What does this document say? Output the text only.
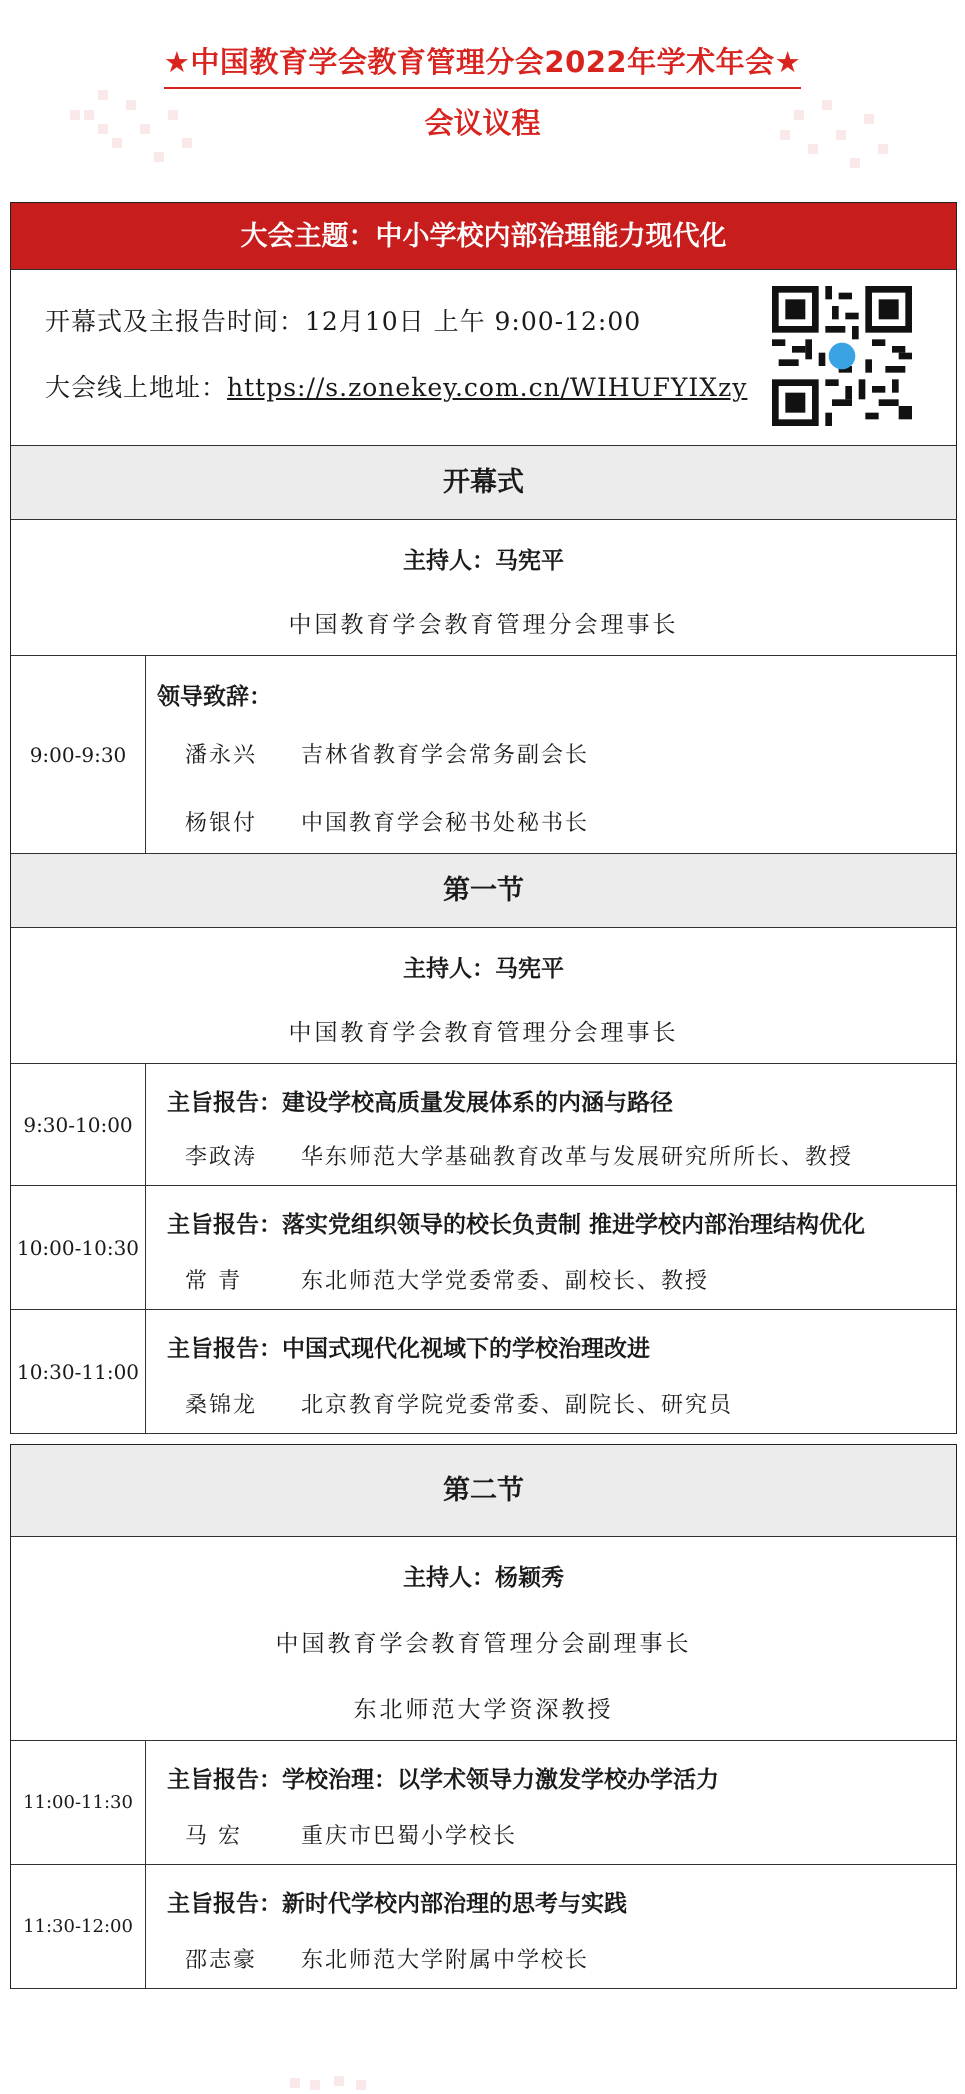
★中国教育学会教育管理分会2022年学术年会★
会议议程
大会主题：中小学校内部治理能力现代化
开幕式及主报告时间：12月10日 上午 9:00-12:00
大会线上地址：https://s.zonekey.com.cn/WIHUFYIXzy
开幕式
主持人：马宪平
中国教育学会教育管理分会理事长
9:00-9:30
领导致辞：
潘永兴 吉林省教育学会常务副会长
杨银付 中国教育学会秘书处秘书长
第一节
主持人：马宪平
中国教育学会教育管理分会理事长
9:30-10:00
主旨报告：建设学校高质量发展体系的内涵与路径
李政涛 华东师范大学基础教育改革与发展研究所所长、教授
10:00-10:30
主旨报告：落实党组织领导的校长负责制 推进学校内部治理结构优化
常 青	东北师范大学党委常委、副校长、教授
10:30-11:00
主旨报告：中国式现代化视域下的学校治理改进
桑锦龙 北京教育学院党委常委、副院长、研究员
第二节
主持人：杨颖秀
中国教育学会教育管理分会副理事长
东北师范大学资深教授
11:00-11:30
主旨报告：学校治理：以学术领导力激发学校办学活力
马 宏	重庆市巴蜀小学校长
11:30-12:00
主旨报告：新时代学校内部治理的思考与实践
邵志豪 东北师范大学附属中学校长
